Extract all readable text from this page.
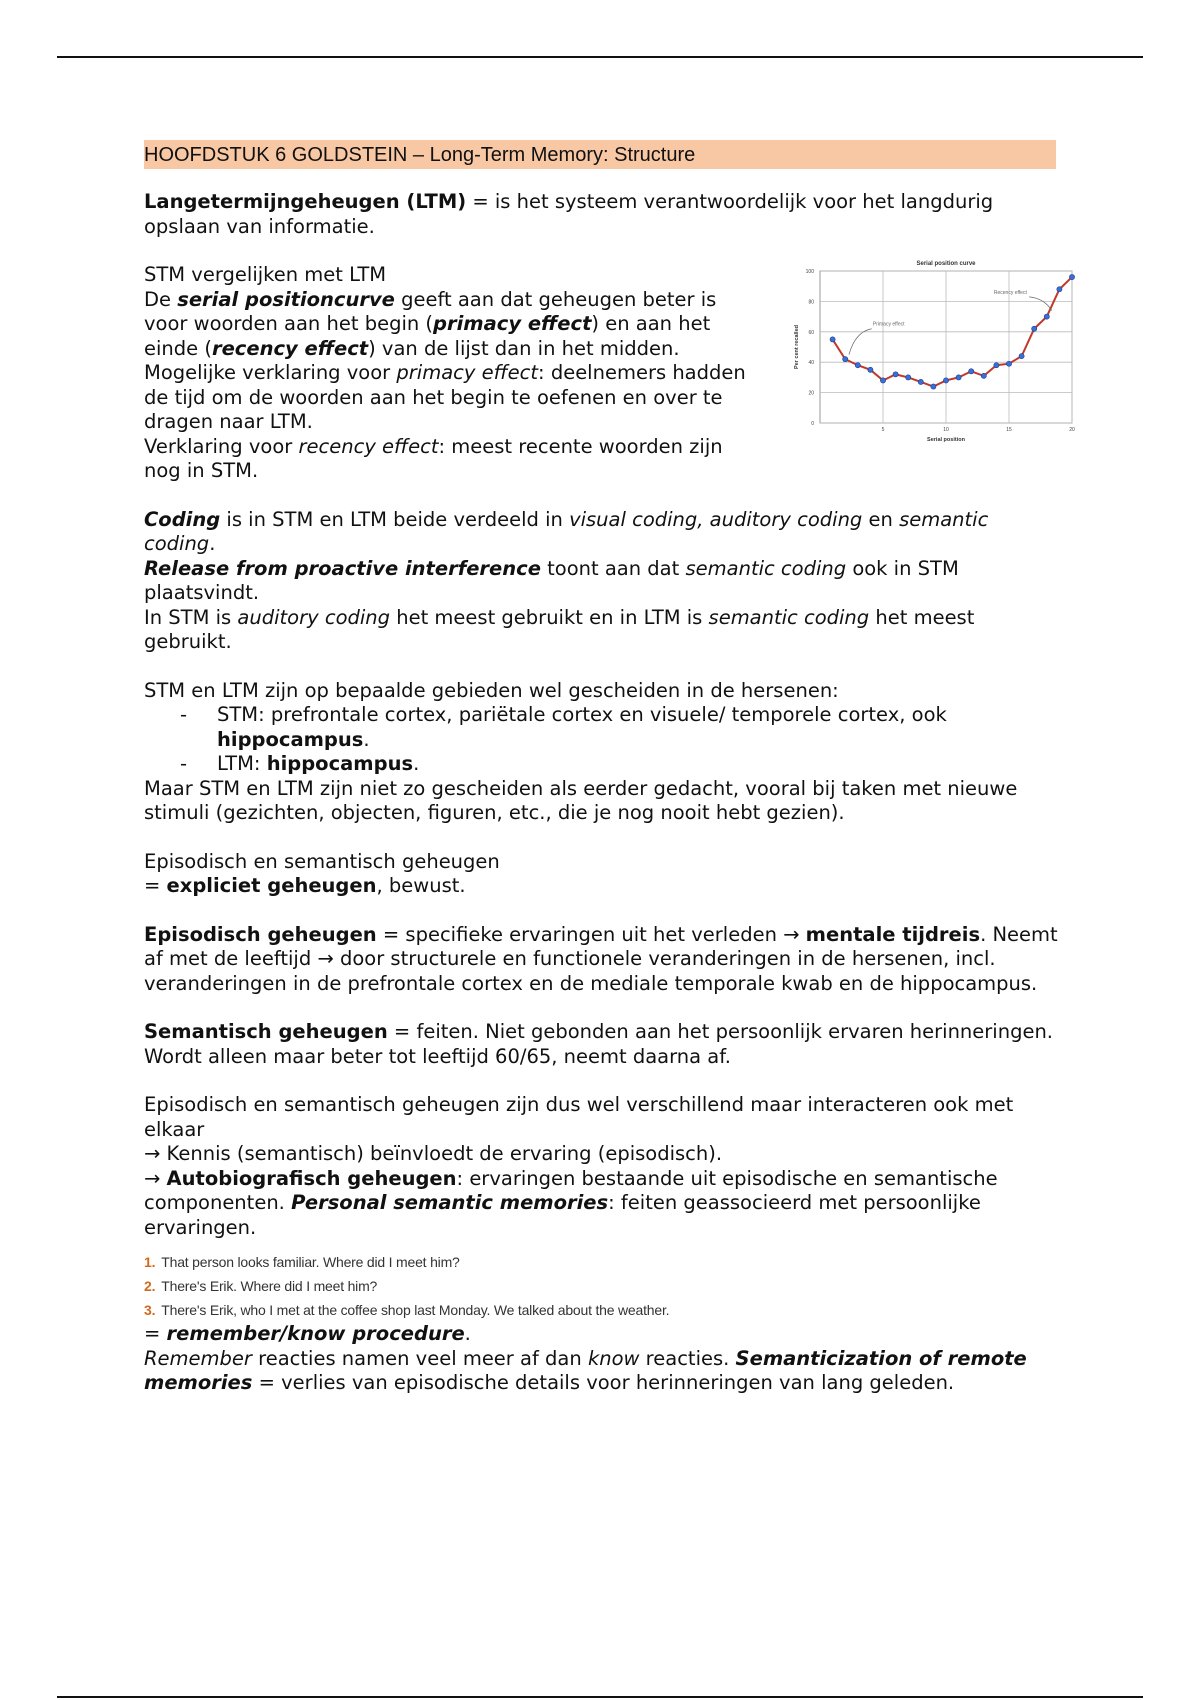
HOOFDSTUK 6 GOLDSTEIN – Long-Term Memory: Structure

Langetermijngeheugen (LTM) = is het systeem verantwoordelijk voor het langdurig opslaan van informatie.

STM vergelijken met LTM

De serial positioncurve geeft aan dat geheugen beter is voor woorden aan het begin (primacy effect) en aan het einde (recency effect) van de lijst dan in het midden.

Mogelijke verklaring voor primacy effect: deelnemers hadden de tijd om de woorden aan het begin te oefenen en over te dragen naar LTM.

Verklaring voor recency effect: meest recente woorden zijn nog in STM.

0
20
40
60
80
100
5	10	15	20
Serial position curve
Serial position
Per cent recalled
Primacy effect
Recency effect

Coding is in STM en LTM beide verdeeld in visual coding, auditory coding en semantic coding.

Release from proactive interference toont aan dat semantic coding ook in STM plaatsvindt.

In STM is auditory coding het meest gebruikt en in LTM is semantic coding het meest gebruikt.

STM en LTM zijn op bepaalde gebieden wel gescheiden in de hersenen:

- STM: prefrontale cortex, pariëtale cortex en visuele/ temporele cortex, ook hippocampus.
- LTM: hippocampus.

Maar STM en LTM zijn niet zo gescheiden als eerder gedacht, vooral bij taken met nieuwe stimuli (gezichten, objecten, figuren, etc., die je nog nooit hebt gezien).

Episodisch en semantisch geheugen

= expliciet geheugen, bewust.

Episodisch geheugen = specifieke ervaringen uit het verleden → mentale tijdreis. Neemt af met de leeftijd → door structurele en functionele veranderingen in de hersenen, incl. veranderingen in de prefrontale cortex en de mediale temporale kwab en de hippocampus.

Semantisch geheugen = feiten. Niet gebonden aan het persoonlijk ervaren herinneringen. Wordt alleen maar beter tot leeftijd 60/65, neemt daarna af.

Episodisch en semantisch geheugen zijn dus wel verschillend maar interacteren ook met elkaar

→ Kennis (semantisch) beïnvloedt de ervaring (episodisch).

→ Autobiografisch geheugen: ervaringen bestaande uit episodische en semantische componenten. Personal semantic memories: feiten geassocieerd met persoonlijke ervaringen.

1. That person looks familiar. Where did I meet him?
2. There's Erik. Where did I meet him?
3. There's Erik, who I met at the coffee shop last Monday. We talked about the weather.

= remember/know procedure.

Remember reacties namen veel meer af dan know reacties. Semanticization of remote memories = verlies van episodische details voor herinneringen van lang geleden.
